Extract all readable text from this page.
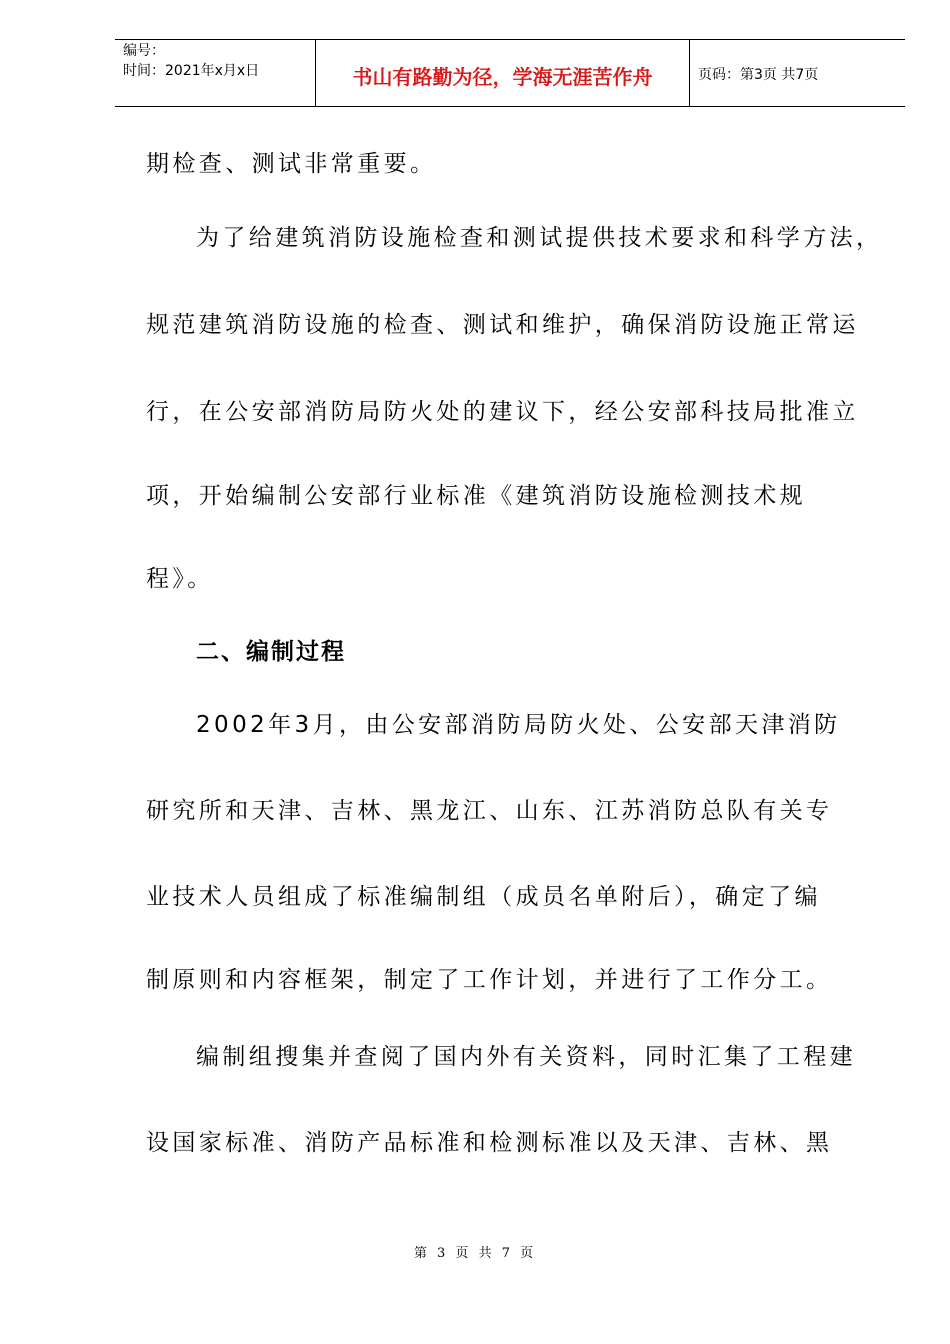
编号：
时间：2021年x月x日	书山有路勤为径，学海无涯苦作舟	页码：第3页 共7页
期检查、测试非常重要。
为了给建筑消防设施检查和测试提供技术要求和科学方法，
规范建筑消防设施的检查、测试和维护，确保消防设施正常运
行，在公安部消防局防火处的建议下，经公安部科技局批准立
项，开始编制公安部行业标准《建筑消防设施检测技术规
程》。
二、编制过程
2002年3月，由公安部消防局防火处、公安部天津消防
研究所和天津、吉林、黑龙江、山东、江苏消防总队有关专
业技术人员组成了标准编制组（成员名单附后），确定了编
制原则和内容框架，制定了工作计划，并进行了工作分工。
编制组搜集并查阅了国内外有关资料，同时汇集了工程建
设国家标准、消防产品标准和检测标准以及天津、吉林、黑
第 3 页 共 7 页
